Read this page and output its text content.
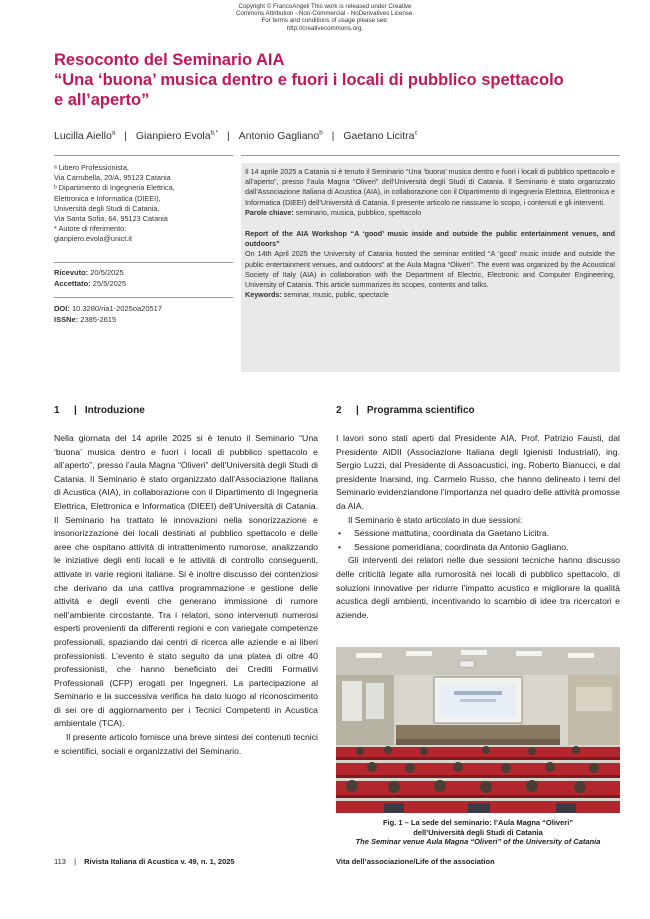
Copyright © FrancoAngeli This work is released under Creative
Commons Attribution - Non-Commercial - NoDerivatives License.
For terms and conditions of usage please see:
http://creativecommons.org.
Resoconto del Seminario AIA
“Una ‘buona’ musica dentro e fuori i locali di pubblico spettacolo
e all’aperto”
Lucilla Aiello$^a$ | Gianpiero Evola$^{b,*}$ | Antonio Gagliano$^b$ | Gaetano Licitra$^c$

ᵃ Libero Professionista,

Via Carrubella, 20/A, 95123 Catania

ᵇ Dipartimento di Ingegneria Elettrica,

Elettronica e Informatica (DIEEI),

Università degli Studi di Catania,

Via Santa Sofia, 64, 95123 Catania

* Autore di riferimento:

gianpiero.evola@unict.it

Ricevuto: 20/5/2025

Accettato: 25/5/2025

DOI: 10.3280/ria1-2025oa20517

ISSNe: 2385-2615

Il 14 aprile 2025 a Catania si è tenuto il Seminario “Una ‘buona’ musica dentro e fuori i locali di pubblico spettacolo e all’aperto”, presso l’aula Magna “Oliveri” dell’Università degli Studi di Catania. Il Seminario è stato organizzato dall’Associazione Italiana di Acustica (AIA), in collaborazione con il Dipartimento di Ingegneria Elettrica, Elettronica e Informatica (DIEEI) dell’Università di Catania. Il presente articolo ne riassume lo scopo, i contenuti e gli interventi.

Parole chiave: seminario, musica, pubblico, spettacolo

Report of the AIA Workshop “A ‘good’ music inside and outside the public entertainment venues, and outdoors”

On 14th April 2025 the University of Catania hosted the seminar entitled “A ‘good’ music inside and outside the public entertainment venues, and outdoors” at the Aula Magna “Oliveri”. The event was organized by the Acoustical Society of Italy (AIA) in collaboration with the Department of Electric, Electronic and Computer Engineering, University of Catania. This article summarizes its scopes, contents and talks.

Keywords: seminar, music, public, spectacle

1 | Introduzione

Nella giornata del 14 aprile 2025 si è tenuto il Seminario “Una ‘buona’ musica dentro e fuori i locali di pubblico spettacolo e all’aperto”, presso l’aula Magna “Oliveri” dell’Università degli Studi di Catania. Il Seminario è stato organizzato dall’Associazione Italiana di Acustica (AIA), in collaborazione con il Dipartimento di Ingegneria Elettrica, Elettronica e Informatica (DIEEI) dell’Università di Catania. Il Seminario ha trattato le innovazioni nella sonorizzazione e insonorizzazione dei locali destinati al pubblico spettacolo e delle aree che ospitano attività di intrattenimento rumorose, analizzando le iniziative degli enti locali e le attività di controllo conseguenti, attivate in varie regioni italiane. Si è inoltre discusso dei contenziosi che derivano da una cattiva programmazione e gestione delle attività e degli eventi che generano immissione di rumore nell’ambiente circostante. Tra i relatori, sono intervenuti numerosi esperti provenienti da differenti regioni e con variegate competenze professionali, spaziando dai centri di ricerca alle aziende e ai liberi professionisti. L’evento è stato seguito da una platea di oltre 40 professionisti, che hanno beneficiato dei Crediti Formativi Professionali (CFP) erogati per Ingegneri. La partecipazione al Seminario e la successiva verifica ha dato luogo al riconoscimento di sei ore di aggiornamento per i Tecnici Competenti in Acustica ambientale (TCA).

Il presente articolo fornisce una breve sintesi dei contenuti tecnici e scientifici, sociali e organizzativi del Seminario.

2 | Programma scientifico

I lavori sono stati aperti dal Presidente AIA, Prof. Patrizio Fausti, dal Presidente AIDII (Associazione Italiana degli Igienisti Industriali), ing. Sergio Luzzi, dal Presidente di Assoacustici, ing. Roberto Bianucci, e dal presidente Inarsind, ing. Carmelo Russo, che hanno delineato i temi del Seminario evidenziandone l’importanza nel quadro delle attività promosse da AIA.

Il Seminario è stato articolato in due sessioni:

• Sessione mattutina, coordinata da Gaetano Licitra.
• Sessione pomeridiana, coordinata da Antonio Gagliano.

Gli interventi dei relatori nelle due sessioni tecniche hanno discusso delle criticità legate alla rumorosità nei locali di pubblico spettacolo, di soluzioni innovative per ridurre l’impatto acustico e migliorare la qualità acustica degli ambienti, incentivando lo scambio di idee tra ricercatori e aziende.

Fig. 1 – La sede del seminario: l’Aula Magna “Oliveri”
dell’Università degli Studi di Catania
The Seminar venue Aula Magna “Oliveri” of the University of Catania
113 | Rivista Italiana di Acustica v. 49, n. 1, 2025	Vita dell’associazione/Life of the association
